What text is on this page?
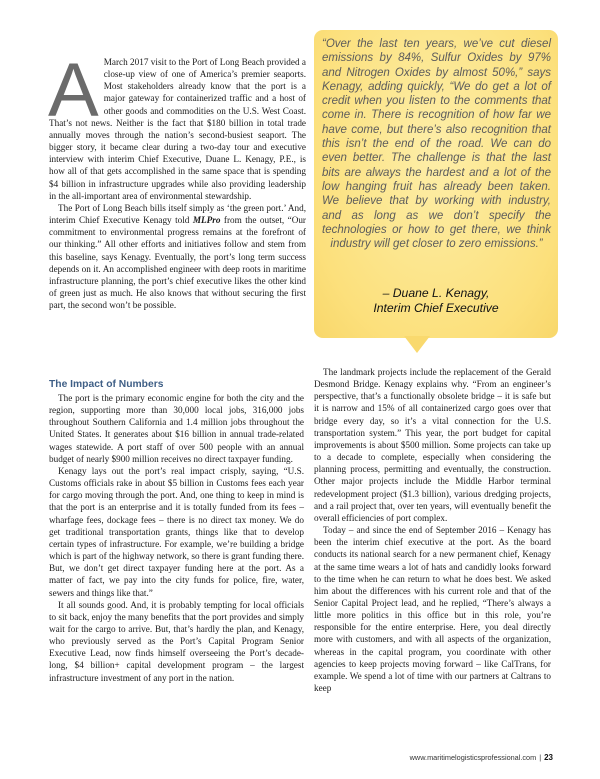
A March 2017 visit to the Port of Long Beach provided a close-up view of one of America’s premier seaports. Most stakeholders already know that the port is a major gateway for containerized traffic and a host of other goods and commodities on the U.S. West Coast. That’s not news. Neither is the fact that $180 billion in total trade annually moves through the nation’s second-busiest seaport. The bigger story, it became clear during a two-day tour and executive interview with interim Chief Executive, Duane L. Kenagy, P.E., is how all of that gets accomplished in the same space that is spending $4 billion in infrastructure upgrades while also providing leadership in the all-important area of environmental stewardship.

The Port of Long Beach bills itself simply as ‘the green port.’ And, interim Chief Executive Kenagy told MLPro from the outset, “Our commitment to environmental progress remains at the forefront of our thinking.” All other efforts and initiatives follow and stem from this baseline, says Kenagy. Eventually, the port’s long term success depends on it. An accomplished engineer with deep roots in maritime infrastructure planning, the port’s chief executive likes the other kind of green just as much. He also knows that without securing the first part, the second won’t be possible.

“Over the last ten years, we’ve cut diesel emissions by 84%, Sulfur Oxides by 97% and Nitrogen Oxides by almost 50%,” says Kenagy, adding quickly, “We do get a lot of credit when you listen to the comments that come in. There is recognition of how far we have come, but there’s also recognition that this isn’t the end of the road. We can do even better. The challenge is that the last bits are always the hardest and a lot of the low hanging fruit has already been taken. We believe that by working with industry, and as long as we don’t specify the technologies or how to get there, we think industry will get closer to zero emissions.”
– Duane L. Kenagy,
Interim Chief Executive
The Impact of Numbers

The port is the primary economic engine for both the city and the region, supporting more than 30,000 local jobs, 316,000 jobs throughout Southern California and 1.4 million jobs throughout the United States. It generates about $16 billion in annual trade-related wages statewide. A port staff of over 500 people with an annual budget of nearly $900 million receives no direct taxpayer funding.

Kenagy lays out the port’s real impact crisply, saying, “U.S. Customs officials rake in about $5 billion in Customs fees each year for cargo moving through the port. And, one thing to keep in mind is that the port is an enterprise and it is totally funded from its fees – wharfage fees, dockage fees – there is no direct tax money. We do get traditional transportation grants, things like that to develop certain types of infrastructure. For example, we’re building a bridge which is part of the highway network, so there is grant funding there. But, we don’t get direct taxpayer funding here at the port. As a matter of fact, we pay into the city funds for police, fire, water, sewers and things like that.”

It all sounds good. And, it is probably tempting for local officials to sit back, enjoy the many benefits that the port provides and simply wait for the cargo to arrive. But, that’s hardly the plan, and Kenagy, who previously served as the Port’s Capital Program Senior Executive Lead, now finds himself overseeing the Port’s decade-long, $4 billion+ capital development program – the largest infrastructure investment of any port in the nation.

The landmark projects include the replacement of the Gerald Desmond Bridge. Kenagy explains why. “From an engineer’s perspective, that’s a functionally obsolete bridge – it is safe but it is narrow and 15% of all containerized cargo goes over that bridge every day, so it’s a vital connection for the U.S. transportation system.” This year, the port budget for capital improvements is about $500 million. Some projects can take up to a decade to complete, especially when considering the planning process, permitting and eventually, the construction. Other major projects include the Middle Harbor terminal redevelopment project ($1.3 billion), various dredging projects, and a rail project that, over ten years, will eventually benefit the overall efficiencies of port complex.

Today – and since the end of September 2016 – Kenagy has been the interim chief executive at the port. As the board conducts its national search for a new permanent chief, Kenagy at the same time wears a lot of hats and candidly looks forward to the time when he can return to what he does best. We asked him about the differences with his current role and that of the Senior Capital Project lead, and he replied, “There’s always a little more politics in this office but in this role, you’re responsible for the entire enterprise. Here, you deal directly more with customers, and with all aspects of the organization, whereas in the capital program, you coordinate with other agencies to keep projects moving forward – like CalTrans, for example. We spend a lot of time with our partners at Caltrans to keep

www.maritimelogisticsprofessional.com | 23
